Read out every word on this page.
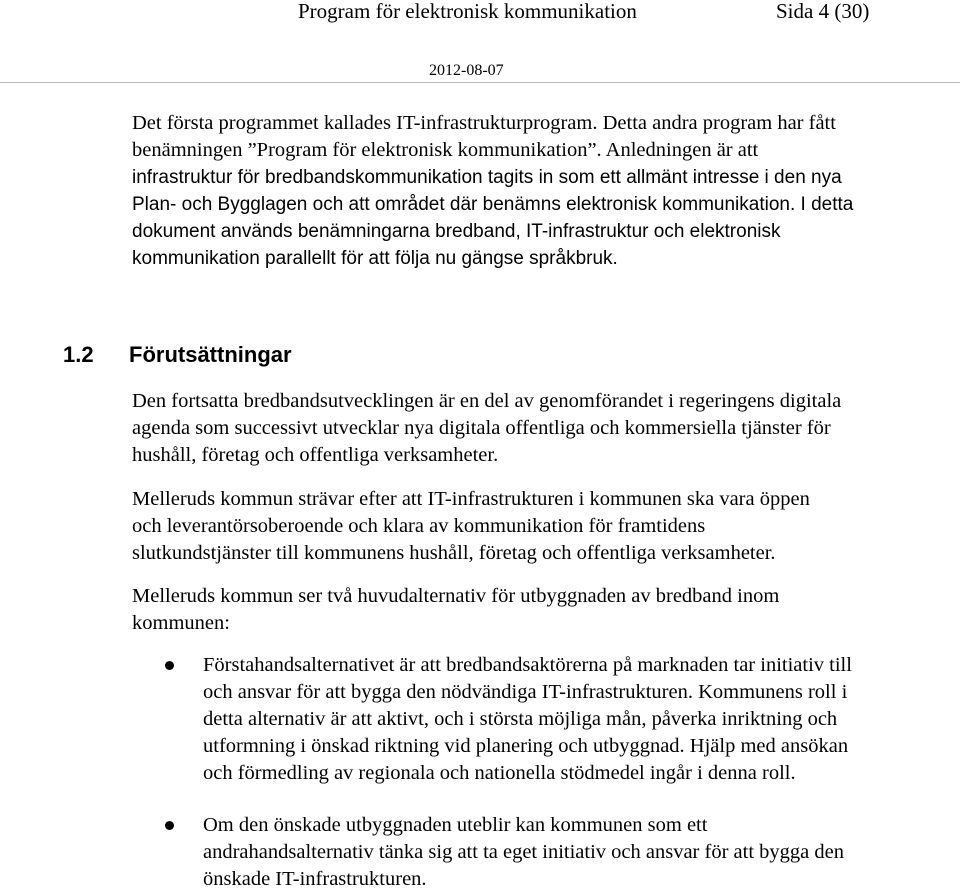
Program för elektronisk kommunikation	Sida 4 (30)
2012-08-07

Det första programmet kallades IT-infrastrukturprogram. Detta andra program har fått

benämningen ”Program för elektronisk kommunikation”. Anledningen är att

infrastruktur för bredbandskommunikation tagits in som ett allmänt intresse i den nya

Plan- och Bygglagen och att området där benämns elektronisk kommunikation. I detta

dokument används benämningarna bredband, IT-infrastruktur och elektronisk

kommunikation parallellt för att följa nu gängse språkbruk.

1.2 Förutsättningar

Den fortsatta bredbandsutvecklingen är en del av genomförandet i regeringens digitala

agenda som successivt utvecklar nya digitala offentliga och kommersiella tjänster för

hushåll, företag och offentliga verksamheter.

Melleruds kommun strävar efter att IT-infrastrukturen i kommunen ska vara öppen

och leverantörsoberoende och klara av kommunikation för framtidens

slutkundstjänster till kommunens hushåll, företag och offentliga verksamheter.

Melleruds kommun ser två huvudalternativ för utbyggnaden av bredband inom

kommunen:

Förstahandsalternativet är att bredbandsaktörerna på marknaden tar initiativ till

och ansvar för att bygga den nödvändiga IT-infrastrukturen. Kommunens roll i

detta alternativ är att aktivt, och i största möjliga mån, påverka inriktning och

utformning i önskad riktning vid planering och utbyggnad. Hjälp med ansökan

och förmedling av regionala och nationella stödmedel ingår i denna roll.

Om den önskade utbyggnaden uteblir kan kommunen som ett

andrahandsalternativ tänka sig att ta eget initiativ och ansvar för att bygga den

önskade IT-infrastrukturen.
